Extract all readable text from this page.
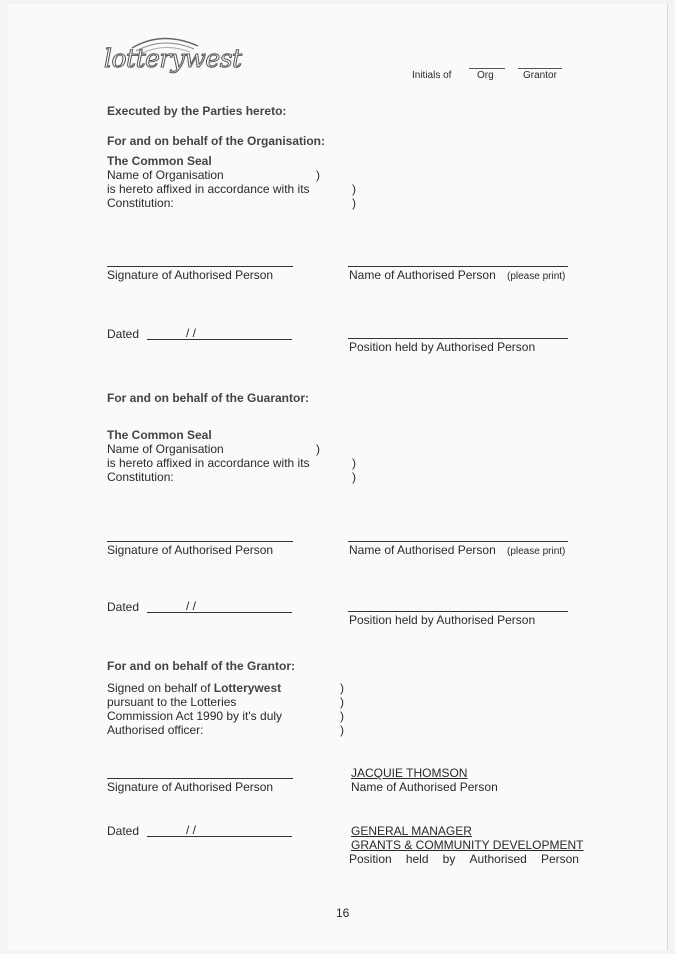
lotterywest
Initials of	Org	Grantor
Executed by the Parties hereto:
For and on behalf of the Organisation:
The Common Seal
Name of Organisation
is hereto affixed in accordance with its
Constitution:
)
)
)
Signature of Authorised Person	Name of Authorised Person (please print)
Dated	/ /
Position held by Authorised Person
For and on behalf of the Guarantor:
The Common Seal
Name of Organisation
is hereto affixed in accordance with its
Constitution:
)
)
)
Signature of Authorised Person	Name of Authorised Person (please print)
Dated	/ /
Position held by Authorised Person
For and on behalf of the Grantor:
Signed on behalf of Lotterywest
pursuant to the Lotteries
Commission Act 1990 by it's duly
Authorised officer:
)
)
)
)
Signature of Authorised Person
JACQUIE THOMSON
Name of Authorised Person
Dated	/ /	GENERAL MANAGER
GRANTS & COMMUNITY DEVELOPMENT
Position held by Authorised Person
16
